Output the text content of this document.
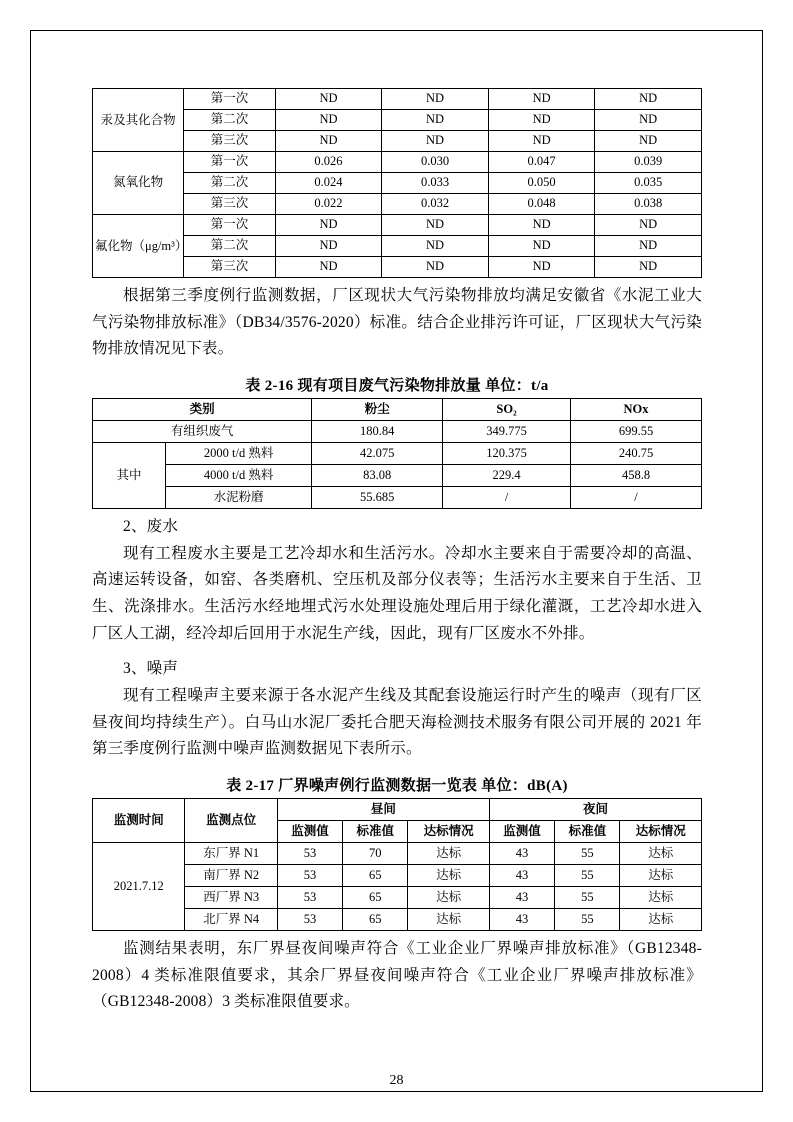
汞及其化合物	第一次	ND	ND	ND	ND
	第二次	ND	ND	ND	ND
	第三次	ND	ND	ND	ND
氮氧化物	第一次	0.026	0.030	0.047	0.039
	第二次	0.024	0.033	0.050	0.035
	第三次	0.022	0.032	0.048	0.038
氟化物（μg/m³）	第一次	ND	ND	ND	ND
	第二次	ND	ND	ND	ND
	第三次	ND	ND	ND	ND

根据第三季度例行监测数据，厂区现状大气污染物排放均满足安徽省《水泥工业大气污染物排放标准》（DB34/3576-2020）标准。结合企业排污许可证，厂区现状大气污染物排放情况见下表。

表 2-16 现有项目废气污染物排放量 单位：t/a
类别		粉尘	SO₂	NOx
有组织废气		180.84	349.775	699.55
其中	2000 t/d 熟料	42.075	120.375	240.75
	4000 t/d 熟料	83.08	229.4	458.8
	水泥粉磨	55.685	/	/

2、废水

现有工程废水主要是工艺冷却水和生活污水。冷却水主要来自于需要冷却的高温、高速运转设备，如窑、各类磨机、空压机及部分仪表等；生活污水主要来自于生活、卫生、洗涤排水。生活污水经地埋式污水处理设施处理后用于绿化灌溉，工艺冷却水进入厂区人工湖，经冷却后回用于水泥生产线，因此，现有厂区废水不外排。

3、噪声

现有工程噪声主要来源于各水泥产生线及其配套设施运行时产生的噪声（现有厂区昼夜间均持续生产）。白马山水泥厂委托合肥天海检测技术服务有限公司开展的 2021 年第三季度例行监测中噪声监测数据见下表所示。

表 2-17 厂界噪声例行监测数据一览表 单位：dB(A)
监测时间	监测点位	昼间			夜间		
		监测值	标准值	达标情况	监测值	标准值	达标情况
2021.7.12	东厂界 N1	53	70	达标	43	55	达标
	南厂界 N2	53	65	达标	43	55	达标
	西厂界 N3	53	65	达标	43	55	达标
	北厂界 N4	53	65	达标	43	55	达标

监测结果表明，东厂界昼夜间噪声符合《工业企业厂界噪声排放标准》（GB12348-2008）4 类标准限值要求，其余厂界昼夜间噪声符合《工业企业厂界噪声排放标准》（GB12348-2008）3 类标准限值要求。

28
